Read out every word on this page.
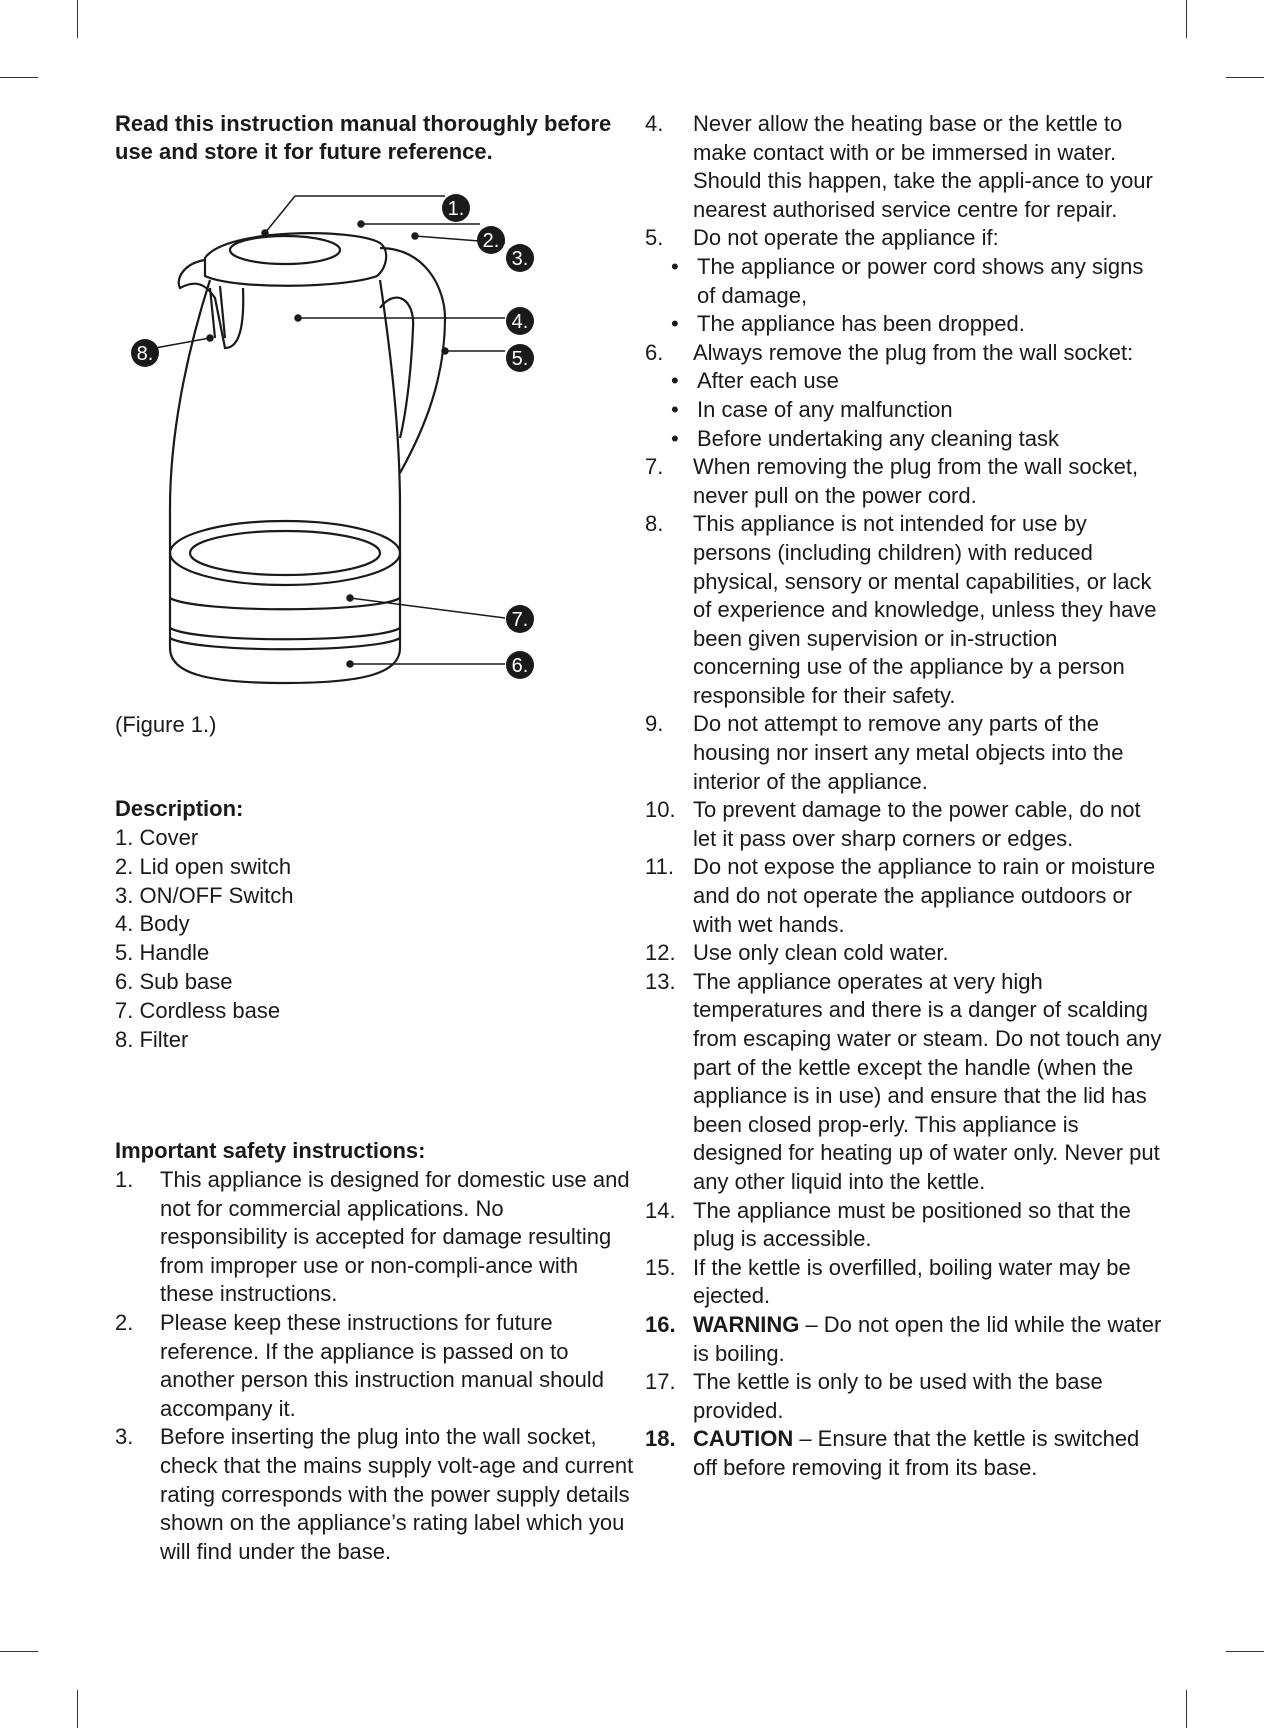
Read this instruction manual thoroughly before use and store it for future reference.
1.
2.
3.
4.
5.
6.
7.
8.
(Figure 1.)
Description:
1. Cover
2. Lid open switch
3. ON/OFF Switch
4. Body
5. Handle
6. Sub base
7. Cordless base
8. Filter
Important safety instructions:
1. This appliance is designed for domestic use and not for commercial applications. No responsibility is accepted for damage resulting from improper use or non-compli-ance with these instructions.
2. Please keep these instructions for future reference. If the appliance is passed on to another person this instruction manual should accompany it.
3. Before inserting the plug into the wall socket, check that the mains supply volt-age and current rating corresponds with the power supply details shown on the appliance’s rating label which you will find under the base.
4. Never allow the heating base or the kettle to make contact with or be immersed in water. Should this happen, take the appli-ance to your nearest authorised service centre for repair.
5. Do not operate the appliance if:
• The appliance or power cord shows any signs of damage,
• The appliance has been dropped.
6. Always remove the plug from the wall socket:
• After each use
• In case of any malfunction
• Before undertaking any cleaning task
7. When removing the plug from the wall socket, never pull on the power cord.
8. This appliance is not intended for use by persons (including children) with reduced physical, sensory or mental capabilities, or lack of experience and knowledge, unless they have been given supervision or in-struction concerning use of the appliance by a person responsible for their safety.
9. Do not attempt to remove any parts of the housing nor insert any metal objects into the interior of the appliance.
10. To prevent damage to the power cable, do not let it pass over sharp corners or edges.
11. Do not expose the appliance to rain or moisture and do not operate the appliance outdoors or with wet hands.
12. Use only clean cold water.
13. The appliance operates at very high temperatures and there is a danger of scalding from escaping water or steam. Do not touch any part of the kettle except the handle (when the appliance is in use) and ensure that the lid has been closed prop-erly. This appliance is designed for heating up of water only. Never put any other liquid into the kettle.
14. The appliance must be positioned so that the plug is accessible.
15. If the kettle is overfilled, boiling water may be ejected.
16. WARNING – Do not open the lid while the water is boiling.
17. The kettle is only to be used with the base provided.
18. CAUTION – Ensure that the kettle is switched off before removing it from its base.
